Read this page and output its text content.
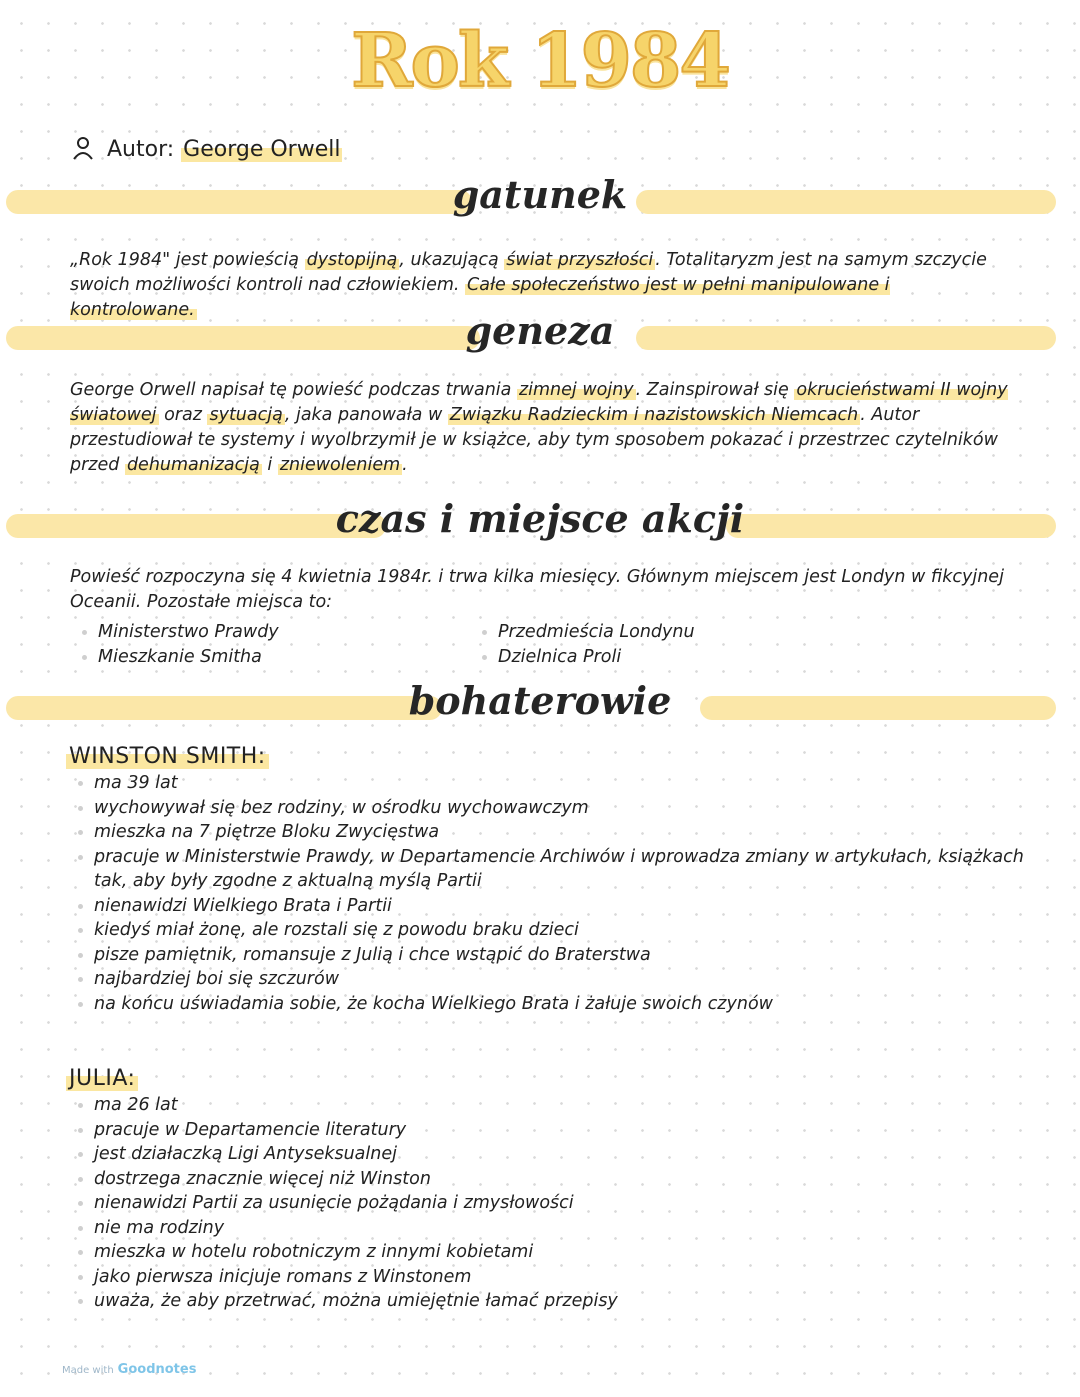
Rok 1984
Autor: George Orwell
gatunek
„Rok 1984" jest powieścią dystopijną , ukazującą świat przyszłości . Totalitaryzm jest na samym szczycie swoich możliwości kontroli nad człowiekiem. Całe społeczeństwo jest w pełni manipulowane i kontrolowane.	geneza
George Orwell napisał tę powieść podczas trwania zimnej wojny . Zainspirował się okrucieństwami II wojny światowej oraz sytuacją , jaka panowała w Związku Radzieckim i nazistowskich Niemcach . Autor przestudiował te systemy i wyolbrzymił je w książce, aby tym sposobem pokazać i przestrzec czytelników przed dehumanizacją i zniewoleniem .
czas i miejsce akcji
Powieść rozpoczyna się 4 kwietnia 1984r. i trwa kilka miesięcy. Głównym miejscem jest Londyn w fikcyjnej Oceanii. Pozostałe miejsca to:
Ministerstwo Prawdy
Mieszkanie Smitha
Przedmieścia Londynu
Dzielnica Proli
bohaterowie
WINSTON SMITH:
ma 39 lat
wychowywał się bez rodziny, w ośrodku wychowawczym
mieszka na 7 piętrze Bloku Zwycięstwa
pracuje w Ministerstwie Prawdy, w Departamencie Archiwów i wprowadza zmiany w artykułach, książkach tak, aby były zgodne z aktualną myślą Partii
nienawidzi Wielkiego Brata i Partii
kiedyś miał żonę, ale rozstali się z powodu braku dzieci
pisze pamiętnik, romansuje z Julią i chce wstąpić do Braterstwa
najbardziej boi się szczurów
na końcu uświadamia sobie, że kocha Wielkiego Brata i żałuje swoich czynów
JULIA:
ma 26 lat
pracuje w Departamencie literatury
jest działaczką Ligi Antyseksualnej
dostrzega znacznie więcej niż Winston
nienawidzi Partii za usunięcie pożądania i zmysłowości
nie ma rodziny
mieszka w hotelu robotniczym z innymi kobietami
jako pierwsza inicjuje romans z Winstonem
uważa, że aby przetrwać, można umiejętnie łamać przepisy
Made with Goodnotes
